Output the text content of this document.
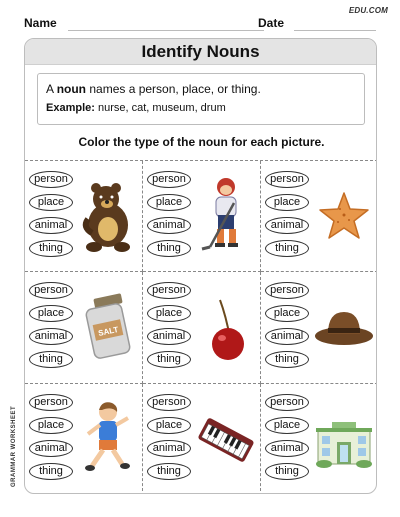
EDU.COM
Name	Date
Identify Nouns
A noun names a person, place, or thing.
Example: nurse, cat, museum, drum
Color the type of the noun for each picture.
person
place
animal
thing
person
place
animal
thing
person
place
animal
thing
person
place
animal
thing
SALT
person
place
animal
thing
person
place
animal
thing
person
place
animal
thing
person
place
animal
thing
person
place
animal
thing
GRAMMAR WORKSHEET
